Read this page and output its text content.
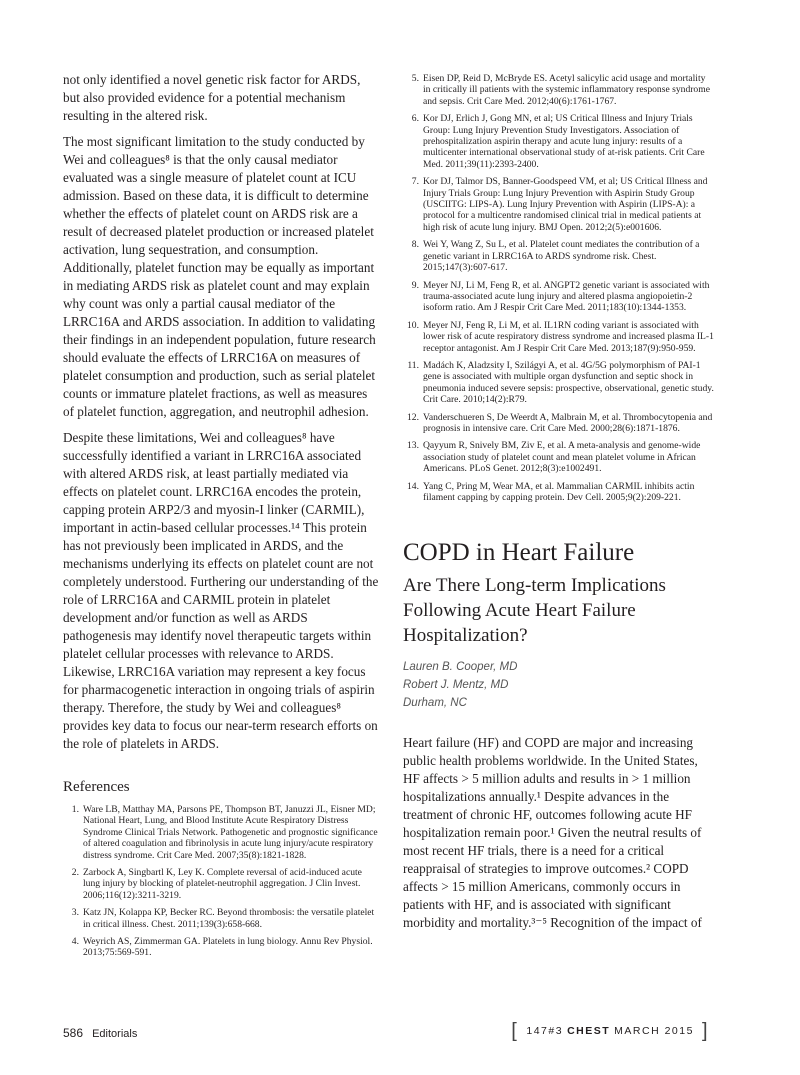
not only identified a novel genetic risk factor for ARDS, but also provided evidence for a potential mechanism resulting in the altered risk.

The most significant limitation to the study conducted by Wei and colleagues⁸ is that the only causal mediator evaluated was a single measure of platelet count at ICU admission. Based on these data, it is difficult to determine whether the effects of platelet count on ARDS risk are a result of decreased platelet production or increased platelet activation, lung sequestration, and consumption. Additionally, platelet function may be equally as important in mediating ARDS risk as platelet count and may explain why count was only a partial causal mediator of the LRRC16A and ARDS association. In addition to validating their findings in an independent population, future research should evaluate the effects of LRRC16A on measures of platelet consumption and production, such as serial platelet counts or immature platelet fractions, as well as measures of platelet function, aggregation, and neutrophil adhesion.

Despite these limitations, Wei and colleagues⁸ have successfully identified a variant in LRRC16A associated with altered ARDS risk, at least partially mediated via effects on platelet count. LRRC16A encodes the protein, capping protein ARP2/3 and myosin-I linker (CARMIL), important in actin-based cellular processes.¹⁴ This protein has not previously been implicated in ARDS, and the mechanisms underlying its effects on platelet count are not completely understood. Furthering our understanding of the role of LRRC16A and CARMIL protein in platelet development and/or function as well as ARDS pathogenesis may identify novel therapeutic targets within platelet cellular processes with relevance to ARDS. Likewise, LRRC16A variation may represent a key focus for pharmacogenetic interaction in ongoing trials of aspirin therapy. Therefore, the study by Wei and colleagues⁸ provides key data to focus our near-term research efforts on the role of platelets in ARDS.

References
1. Ware LB, Matthay MA, Parsons PE, Thompson BT, Januzzi JL, Eisner MD; National Heart, Lung, and Blood Institute Acute Respiratory Distress Syndrome Clinical Trials Network. Pathogenetic and prognostic significance of altered coagulation and fibrinolysis in acute lung injury/acute respiratory distress syndrome. Crit Care Med. 2007;35(8):1821-1828.
2. Zarbock A, Singbartl K, Ley K. Complete reversal of acid-induced acute lung injury by blocking of platelet-neutrophil aggregation. J Clin Invest. 2006;116(12):3211-3219.
3. Katz JN, Kolappa KP, Becker RC. Beyond thrombosis: the versatile platelet in critical illness. Chest. 2011;139(3):658-668.
4. Weyrich AS, Zimmerman GA. Platelets in lung biology. Annu Rev Physiol. 2013;75:569-591.
5. Eisen DP, Reid D, McBryde ES. Acetyl salicylic acid usage and mortality in critically ill patients with the systemic inflammatory response syndrome and sepsis. Crit Care Med. 2012;40(6):1761-1767.
6. Kor DJ, Erlich J, Gong MN, et al; US Critical Illness and Injury Trials Group: Lung Injury Prevention Study Investigators. Association of prehospitalization aspirin therapy and acute lung injury: results of a multicenter international observational study of at-risk patients. Crit Care Med. 2011;39(11):2393-2400.
7. Kor DJ, Talmor DS, Banner-Goodspeed VM, et al; US Critical Illness and Injury Trials Group: Lung Injury Prevention with Aspirin Study Group (USCIITG: LIPS-A). Lung Injury Prevention with Aspirin (LIPS-A): a protocol for a multicentre randomised clinical trial in medical patients at high risk of acute lung injury. BMJ Open. 2012;2(5):e001606.
8. Wei Y, Wang Z, Su L, et al. Platelet count mediates the contribution of a genetic variant in LRRC16A to ARDS syndrome risk. Chest. 2015;147(3):607-617.
9. Meyer NJ, Li M, Feng R, et al. ANGPT2 genetic variant is associated with trauma-associated acute lung injury and altered plasma angiopoietin-2 isoform ratio. Am J Respir Crit Care Med. 2011;183(10):1344-1353.
10. Meyer NJ, Feng R, Li M, et al. IL1RN coding variant is associated with lower risk of acute respiratory distress syndrome and increased plasma IL-1 receptor antagonist. Am J Respir Crit Care Med. 2013;187(9):950-959.
11. Madách K, Aladzsity I, Szilágyi A, et al. 4G/5G polymorphism of PAI-1 gene is associated with multiple organ dysfunction and septic shock in pneumonia induced severe sepsis: prospective, observational, genetic study. Crit Care. 2010;14(2):R79.
12. Vanderschueren S, De Weerdt A, Malbrain M, et al. Thrombocytopenia and prognosis in intensive care. Crit Care Med. 2000;28(6):1871-1876.
13. Qayyum R, Snively BM, Ziv E, et al. A meta-analysis and genome-wide association study of platelet count and mean platelet volume in African Americans. PLoS Genet. 2012;8(3):e1002491.
14. Yang C, Pring M, Wear MA, et al. Mammalian CARMIL inhibits actin filament capping by capping protein. Dev Cell. 2005;9(2):209-221.
COPD in Heart Failure
Are There Long-term Implications Following Acute Heart Failure Hospitalization?
Lauren B. Cooper, MD
Robert J. Mentz, MD
Durham, NC

Heart failure (HF) and COPD are major and increasing public health problems worldwide. In the United States, HF affects > 5 million adults and results in > 1 million hospitalizations annually.¹ Despite advances in the treatment of chronic HF, outcomes following acute HF hospitalization remain poor.¹ Given the neutral results of most recent HF trials, there is a need for a critical reappraisal of strategies to improve outcomes.² COPD affects > 15 million Americans, commonly occurs in patients with HF, and is associated with significant morbidity and mortality.³⁻⁵ Recognition of the impact of

586 Editorials	[ 147#3 CHEST MARCH 2015 ]
